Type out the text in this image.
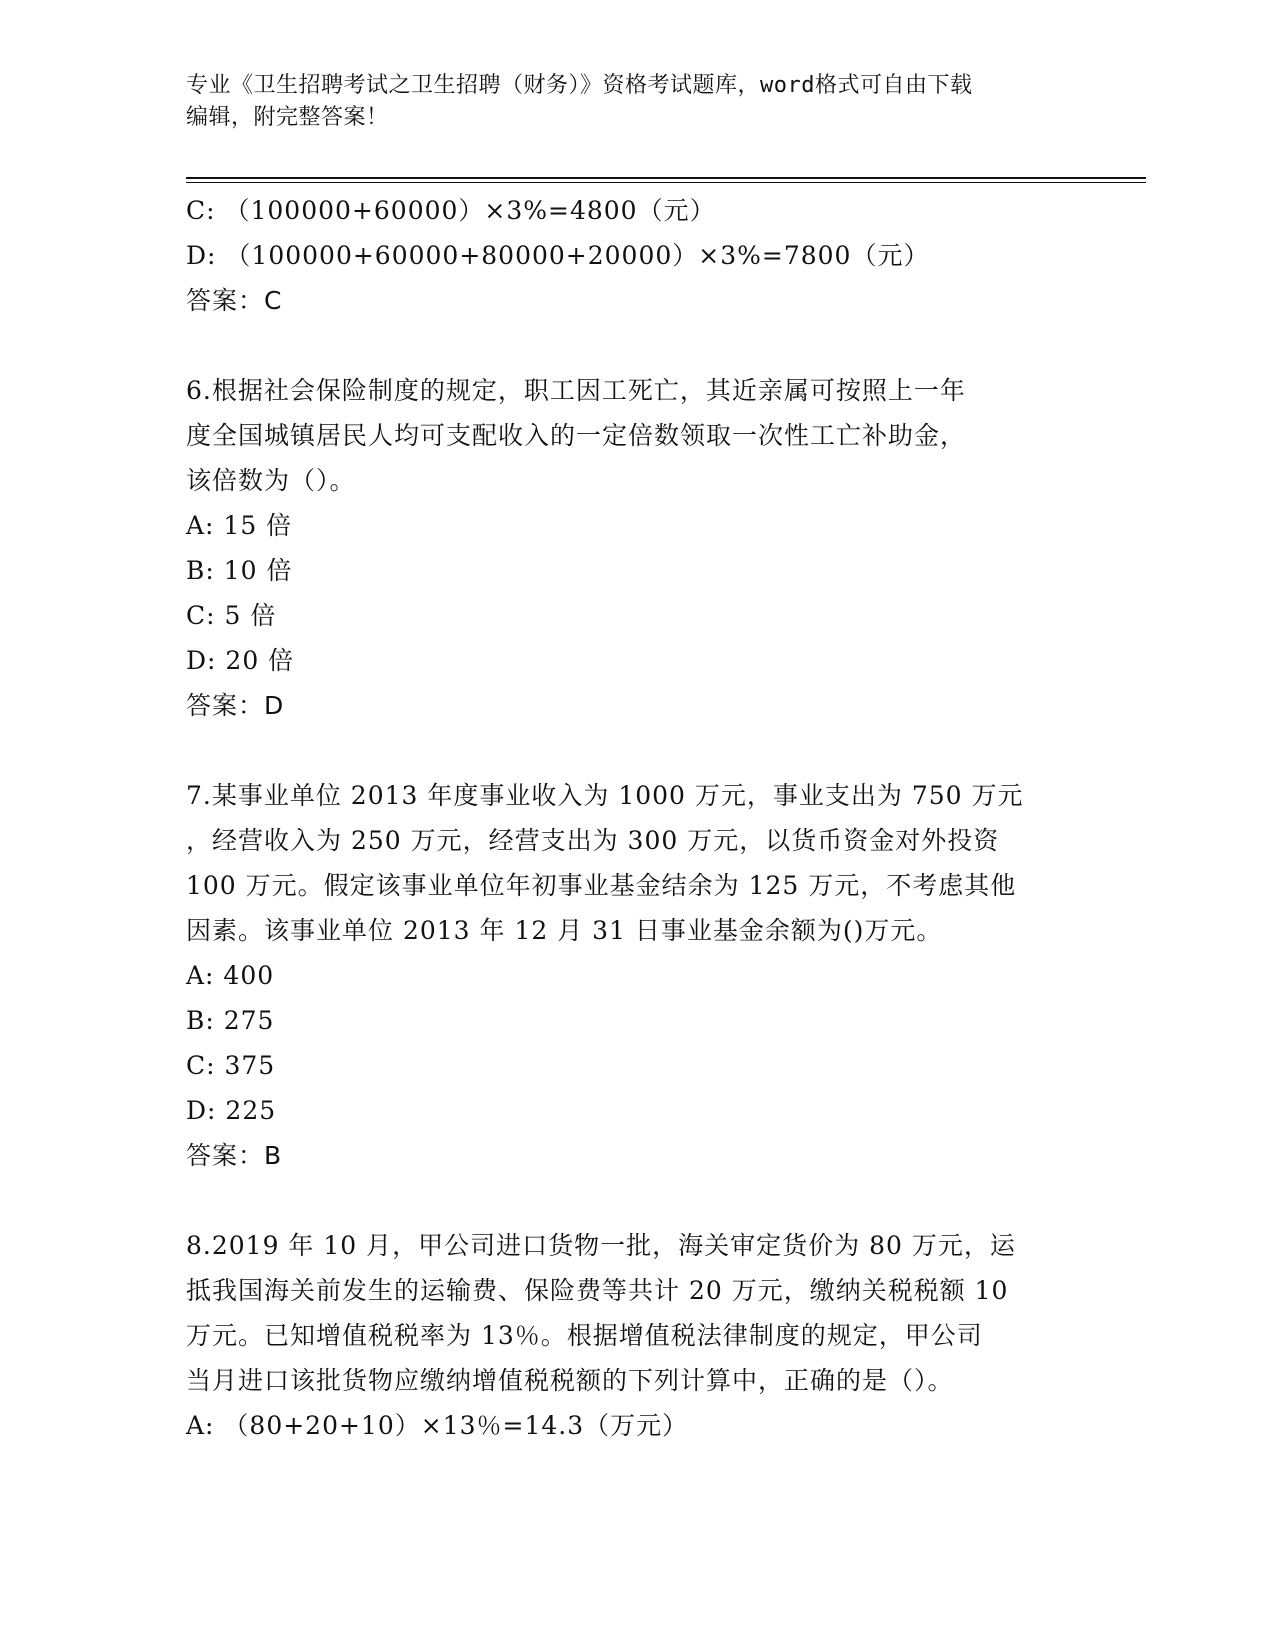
专业《卫生招聘考试之卫生招聘（财务）》资格考试题库，word格式可自由下载
编辑，附完整答案！
C: （100000+60000）×3%=4800（元）
D: （100000+60000+80000+20000）×3%=7800（元）
答案：C
6.根据社会保险制度的规定，职工因工死亡，其近亲属可按照上一年
度全国城镇居民人均可支配收入的一定倍数领取一次性工亡补助金，
该倍数为（）。
A: 15 倍
B: 10 倍
C: 5 倍
D: 20 倍
答案：D
7.某事业单位 2013 年度事业收入为 1000 万元，事业支出为 750 万元
，经营收入为 250 万元，经营支出为 300 万元，以货币资金对外投资
100 万元。假定该事业单位年初事业基金结余为 125 万元，不考虑其他
因素。该事业单位 2013 年 12 月 31 日事业基金余额为()万元。
A: 400
B: 275
C: 375
D: 225
答案：B
8.2019 年 10 月，甲公司进口货物一批，海关审定货价为 80 万元，运
抵我国海关前发生的运输费、保险费等共计 20 万元，缴纳关税税额 10
万元。已知增值税税率为 13％。根据增值税法律制度的规定，甲公司
当月进口该批货物应缴纳增值税税额的下列计算中，正确的是（）。
A: （80+20+10）×13％=14.3（万元）
